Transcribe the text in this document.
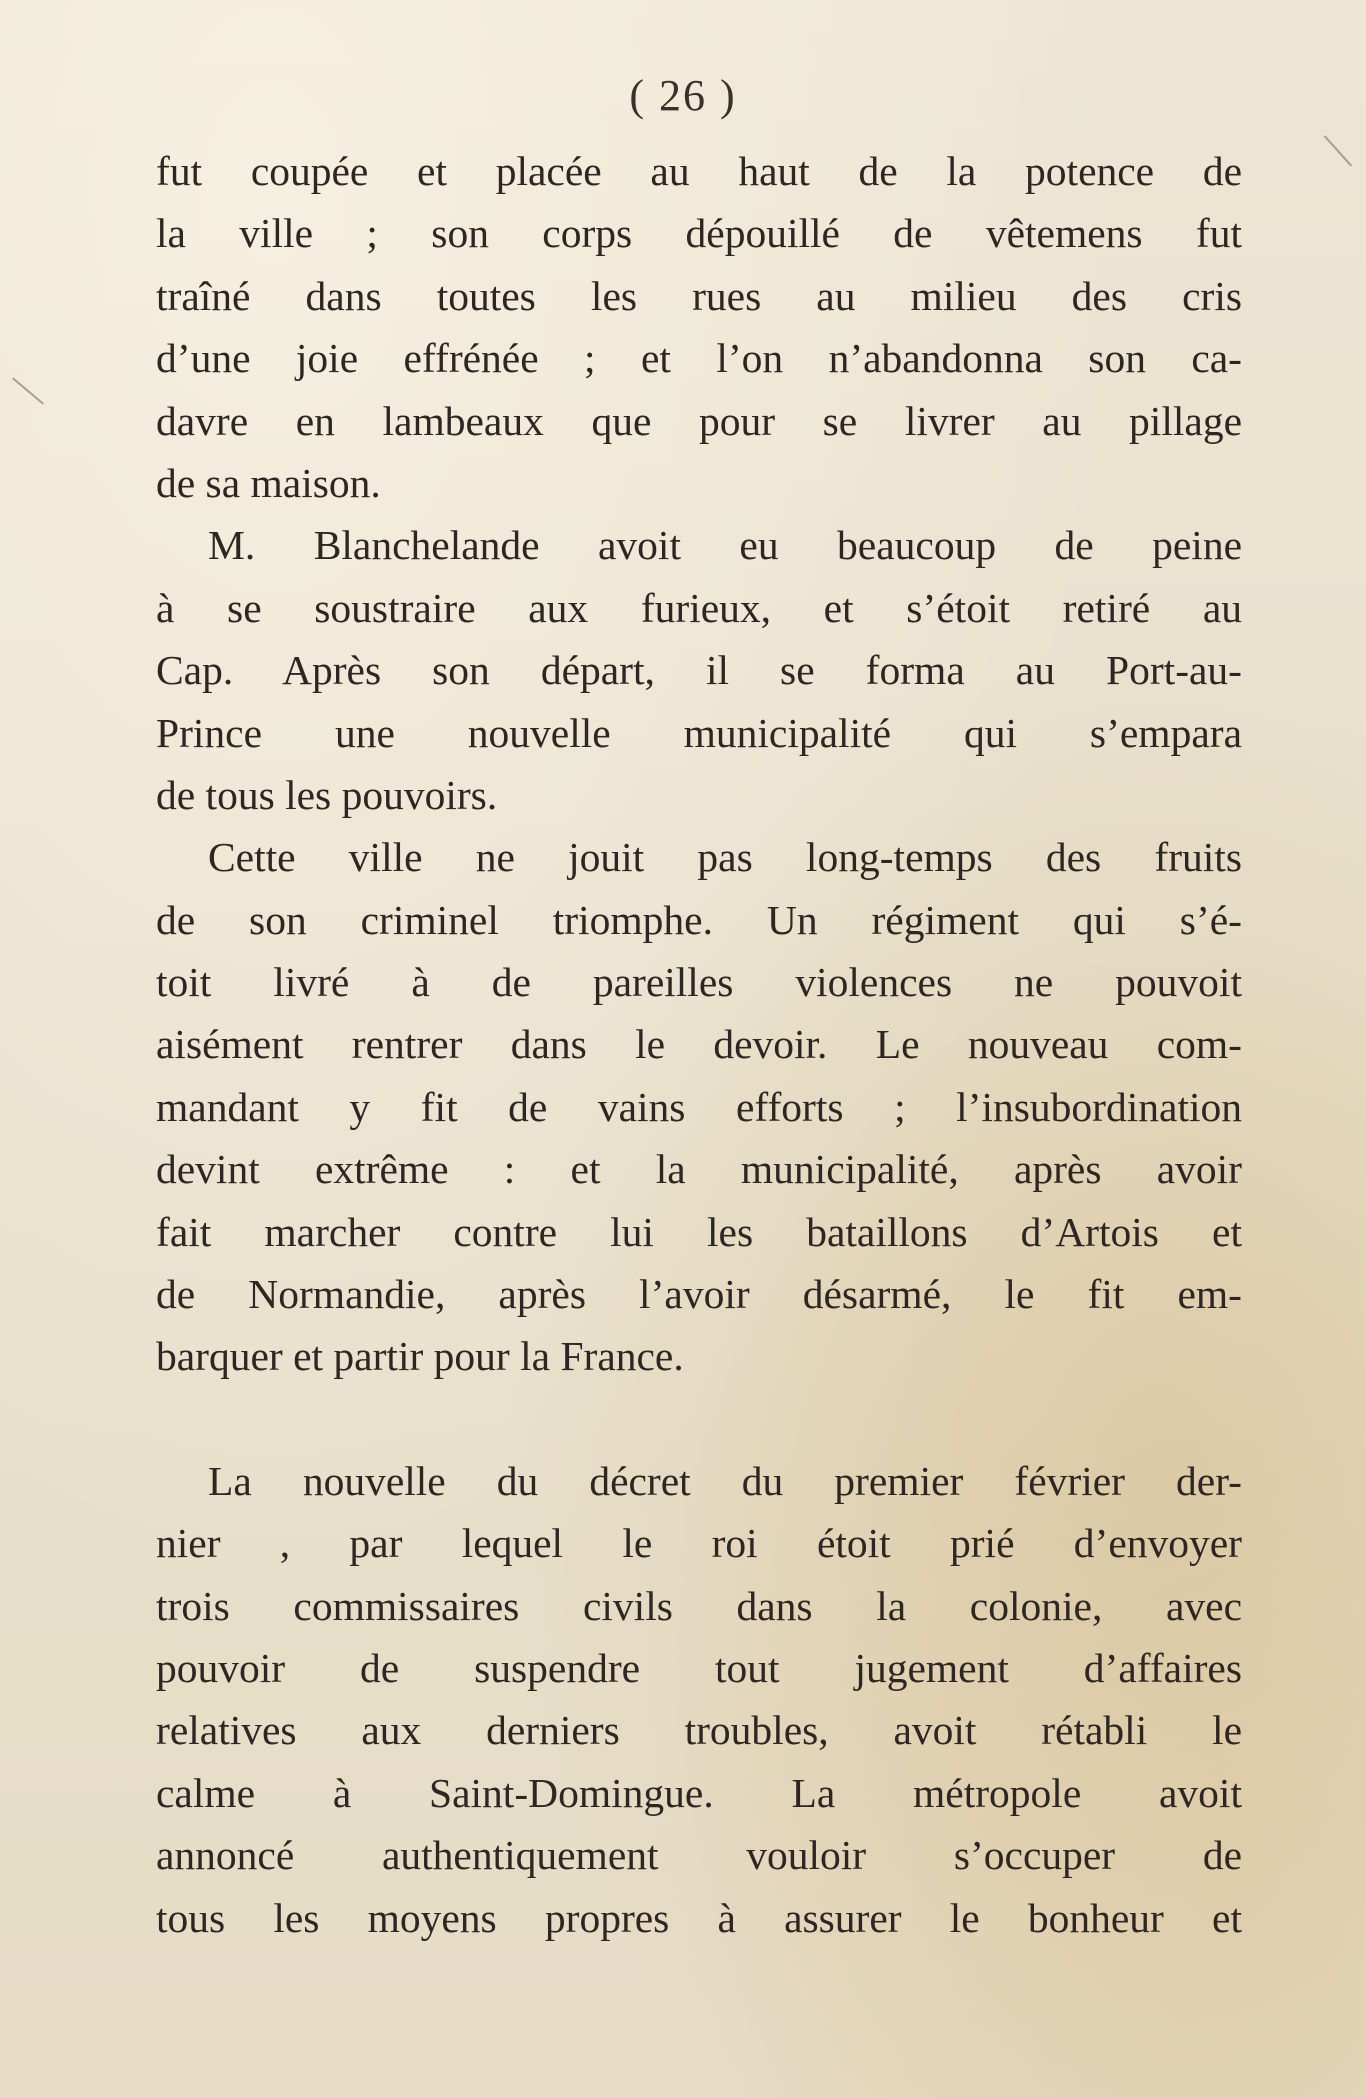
( 26 )
fut coupée et placée au haut de la potence de
la ville ; son corps dépouillé de vêtemens fut
traîné dans toutes les rues au milieu des cris
d’une joie effrénée ; et l’on n’abandonna son ca-
davre en lambeaux que pour se livrer au pillage
de sa maison.
M. Blanchelande avoit eu beaucoup de peine
à se soustraire aux furieux, et s’étoit retiré au
Cap. Après son départ, il se forma au Port-au-
Prince une nouvelle municipalité qui s’empara
de tous les pouvoirs.
Cette ville ne jouit pas long-temps des fruits
de son criminel triomphe. Un régiment qui s’é-
toit livré à de pareilles violences ne pouvoit
aisément rentrer dans le devoir. Le nouveau com-
mandant y fit de vains efforts ; l’insubordination
devint extrême : et la municipalité, après avoir
fait marcher contre lui les bataillons d’Artois et
de Normandie, après l’avoir désarmé, le fit em-
barquer et partir pour la France.
La nouvelle du décret du premier février der-
nier , par lequel le roi étoit prié d’envoyer
trois commissaires civils dans la colonie, avec
pouvoir de suspendre tout jugement d’affaires
relatives aux derniers troubles, avoit rétabli le
calme à Saint-Domingue. La métropole avoit
annoncé authentiquement vouloir s’occuper de
tous les moyens propres à assurer le bonheur et
